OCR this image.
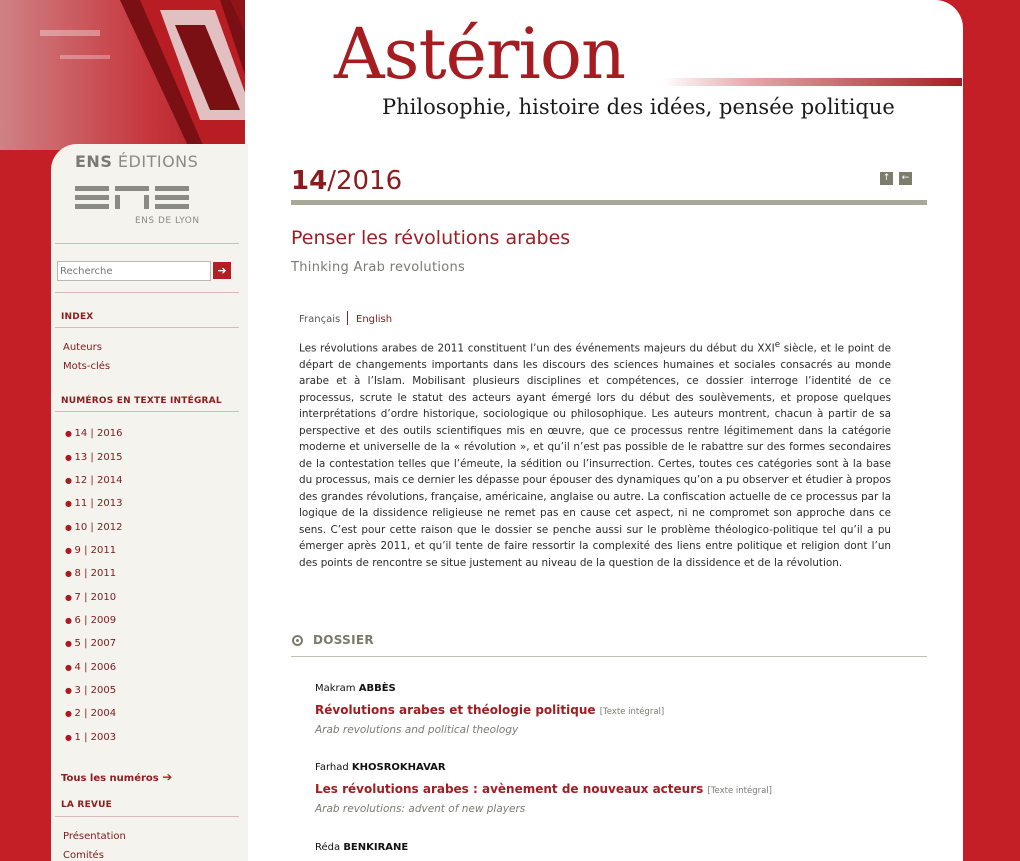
Astérion
Philosophie, histoire des idées, pensée politique
ENS ÉDITIONS
ENS DE LYON
Recherche
➔
INDEX
Auteurs
Mots-clés
NUMÉROS EN TEXTE INTÉGRAL
● 14 | 2016
● 13 | 2015
● 12 | 2014
● 11 | 2013
● 10 | 2012
● 9 | 2011
● 8 | 2011
● 7 | 2010
● 6 | 2009
● 5 | 2007
● 4 | 2006
● 3 | 2005
● 2 | 2004
● 1 | 2003
Tous les numéros ➔
LA REVUE
Présentation
Comités
14/2016	↑	←
Penser les révolutions arabes
Thinking Arab revolutions
Français English

Les révolutions arabes de 2011 constituent l’un des événements majeurs du début du XXIe siècle, et le point de départ de changements importants dans les discours des sciences humaines et sociales consacrés au monde arabe et à l’Islam. Mobilisant plusieurs disciplines et compétences, ce dossier interroge l’identité de ce processus, scrute le statut des acteurs ayant émergé lors du début des soulèvements, et propose quelques interprétations d’ordre historique, sociologique ou philosophique. Les auteurs montrent, chacun à partir de sa perspective et des outils scientifiques mis en œuvre, que ce processus rentre légitimement dans la catégorie moderne et universelle de la « révolution », et qu’il n’est pas possible de le rabattre sur des formes secondaires de la contestation telles que l’émeute, la sédition ou l’insurrection. Certes, toutes ces catégories sont à la base du processus, mais ce dernier les dépasse pour épouser des dynamiques qu’on a pu observer et étudier à propos des grandes révolutions, française, américaine, anglaise ou autre. La confiscation actuelle de ce processus par la logique de la dissidence religieuse ne remet pas en cause cet aspect, ni ne compromet son approche dans ce sens. C’est pour cette raison que le dossier se penche aussi sur le problème théologico-politique tel qu’il a pu émerger après 2011, et qu’il tente de faire ressortir la complexité des liens entre politique et religion dont l’un des points de rencontre se situe justement au niveau de la question de la dissidence et de la révolution.

DOSSIER
Makram ABBÈS
Révolutions arabes et théologie politique [Texte intégral]
Arab revolutions and political theology
Farhad KHOSROKHAVAR
Les révolutions arabes : avènement de nouveaux acteurs [Texte intégral]
Arab revolutions: advent of new players
Réda BENKIRANE
